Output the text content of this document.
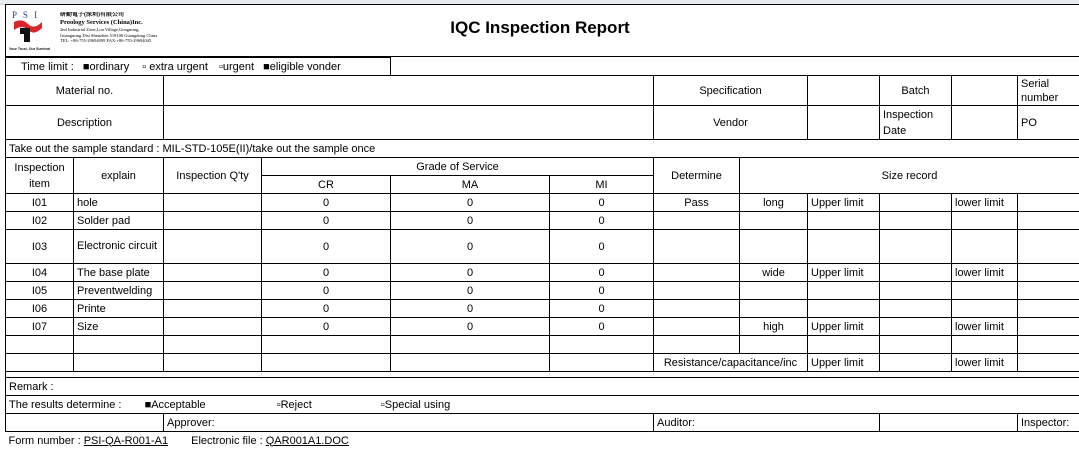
P S I
Your Trust, Our Survival
研勤電子(深圳)有限公司
Proology Services (China)Inc.
2nd Industrial Zone,Lou Village,Gongming,
Guangming Dist Shenzhen 518106 Guangdong China
TEL: +86-755-29694099 FAX:+86-755-29694045
IQC Inspection Report
Time limit : ■ordinary ▫ extra urgent ▫urgent ■eligible vonder											
Material no.						Specification			Batch		Serial number
Description						Vendor			Inspection Date		PO
Take out the sample standard : MIL-STD-105E(II)/take out the sample once											
Inspection item	explain	Inspection Q'ty	Grade of Service			Determine	Size record				
			CR	MA	MI						
I01	hole		0	0	0	Pass	long	Upper limit		lower limit	
I02	Solder pad		0	0	0						
I03	Electronic circuit		0	0	0						
I04	The base plate		0	0	0		wide	Upper limit		lower limit	
I05	Preventwelding		0	0	0						
I06	Printe		0	0	0						
I07	Size		0	0	0		high	Upper limit		lower limit	

						Resistance/capacitance/inc		Upper limit		lower limit	

Remark :											
The results determine : ■Acceptable ▫Reject ▫Special using											
		Approver:				Auditor:					Inspector:
Form number : PSI-QA-R001-A1 Electronic file : QAR001A1.DOC											
